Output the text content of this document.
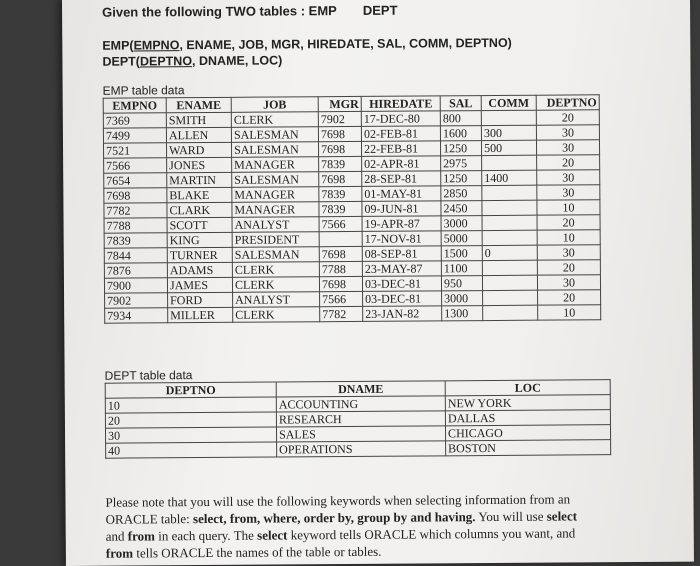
Given the following TWO tables : EMP DEPT
EMP(EMPNO, ENAME, JOB, MGR, HIREDATE, SAL, COMM, DEPTNO)
DEPT(DEPTNO, DNAME, LOC)
EMP table data
EMPNO	ENAME	JOB	MGR	HIREDATE	SAL	COMM	DEPTNO
7369	SMITH	CLERK	7902	17-DEC-80	800		20
7499	ALLEN	SALESMAN	7698	02-FEB-81	1600	300	30
7521	WARD	SALESMAN	7698	22-FEB-81	1250	500	30
7566	JONES	MANAGER	7839	02-APR-81	2975		20
7654	MARTIN	SALESMAN	7698	28-SEP-81	1250	1400	30
7698	BLAKE	MANAGER	7839	01-MAY-81	2850		30
7782	CLARK	MANAGER	7839	09-JUN-81	2450		10
7788	SCOTT	ANALYST	7566	19-APR-87	3000		20
7839	KING	PRESIDENT		17-NOV-81	5000		10
7844	TURNER	SALESMAN	7698	08-SEP-81	1500	0	30
7876	ADAMS	CLERK	7788	23-MAY-87	1100		20
7900	JAMES	CLERK	7698	03-DEC-81	950		30
7902	FORD	ANALYST	7566	03-DEC-81	3000		20
7934	MILLER	CLERK	7782	23-JAN-82	1300		10
DEPT table data
DEPTNO	DNAME	LOC
10	ACCOUNTING	NEW YORK
20	RESEARCH	DALLAS
30	SALES	CHICAGO
40	OPERATIONS	BOSTON
Please note that you will use the following keywords when selecting information from an ORACLE table: select, from, where, order by, group by and having. You will use select and from in each query. The select keyword tells ORACLE which columns you want, and from tells ORACLE the names of the table or tables.
